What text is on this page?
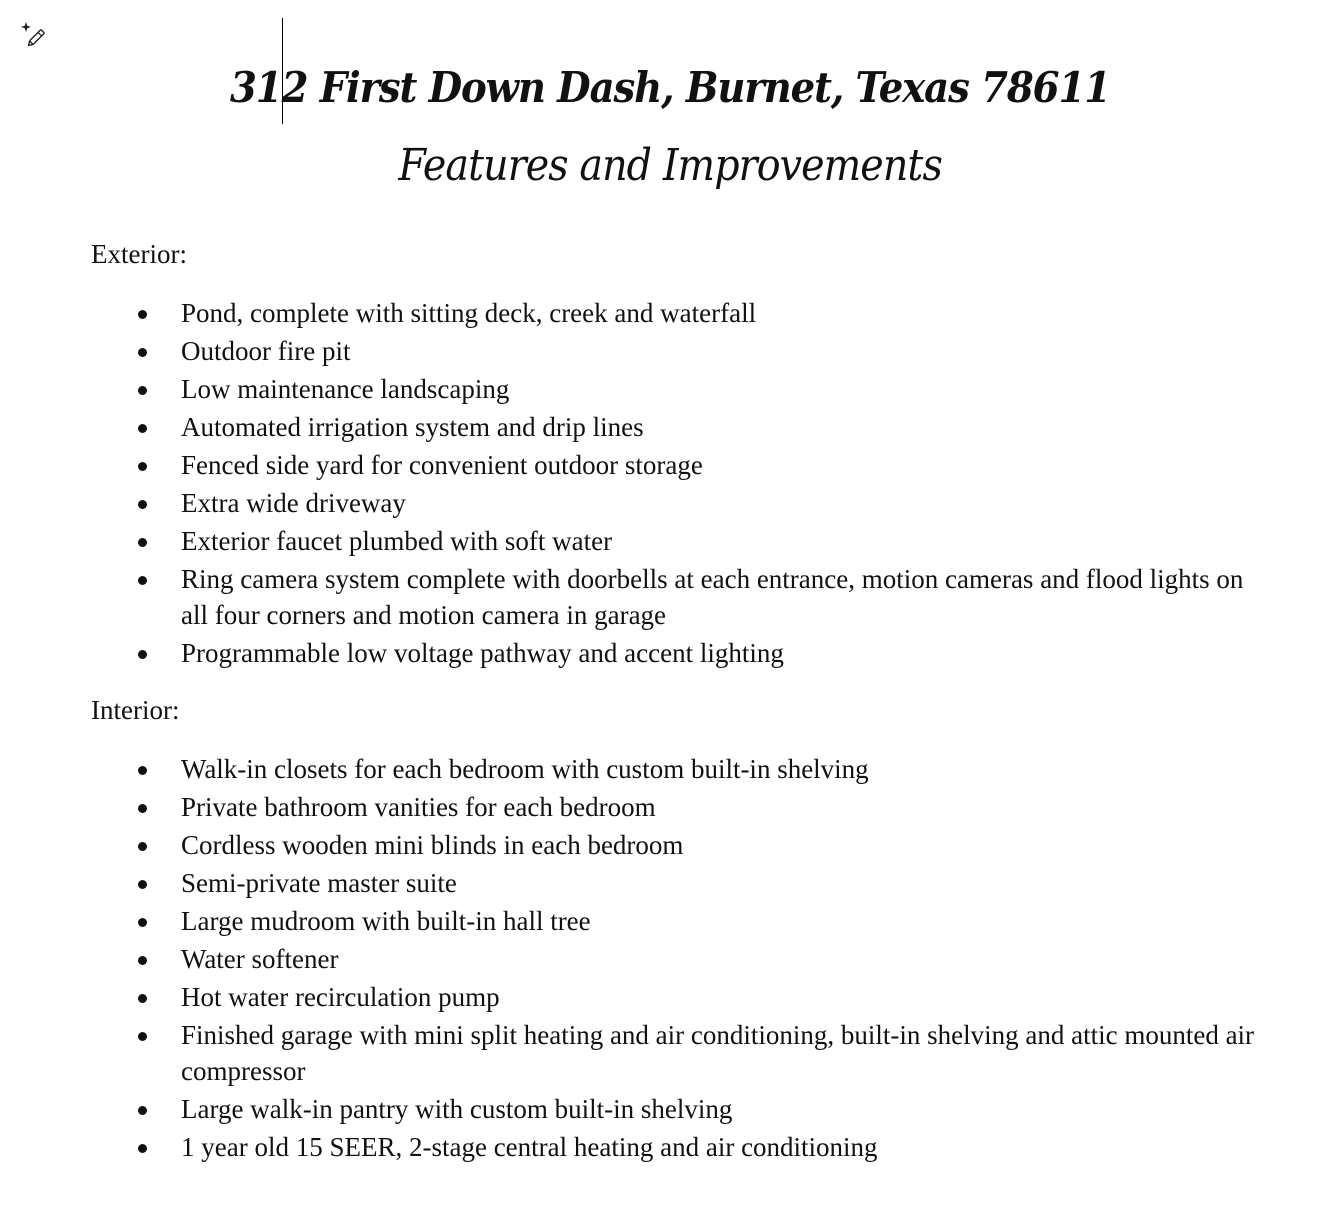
312 First Down Dash, Burnet, Texas 78611
Features and Improvements

Exterior:

Pond, complete with sitting deck, creek and waterfall
Outdoor fire pit
Low maintenance landscaping
Automated irrigation system and drip lines
Fenced side yard for convenient outdoor storage
Extra wide driveway
Exterior faucet plumbed with soft water
Ring camera system complete with doorbells at each entrance, motion cameras and flood lights on all four corners and motion camera in garage
Programmable low voltage pathway and accent lighting

Interior:

Walk-in closets for each bedroom with custom built-in shelving
Private bathroom vanities for each bedroom
Cordless wooden mini blinds in each bedroom
Semi-private master suite
Large mudroom with built-in hall tree
Water softener
Hot water recirculation pump
Finished garage with mini split heating and air conditioning, built-in shelving and attic mounted air compressor
Large walk-in pantry with custom built-in shelving
1 year old 15 SEER, 2-stage central heating and air conditioning
